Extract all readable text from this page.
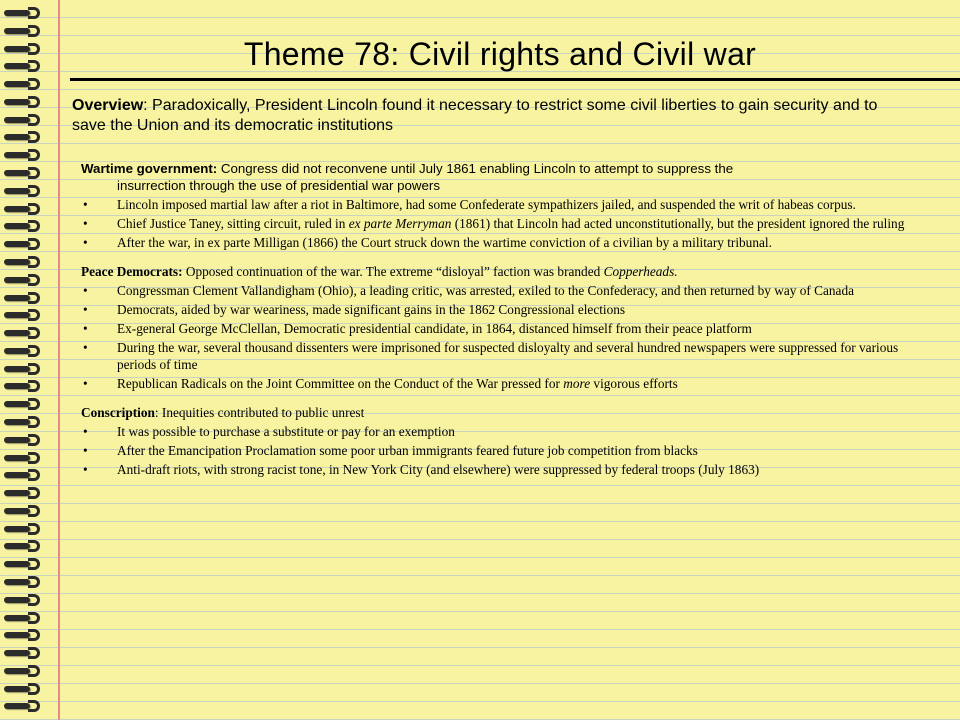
Theme 78: Civil rights and Civil war
Overview: Paradoxically, President Lincoln found it necessary to restrict some civil liberties to gain security and to save the Union and its democratic institutions

Wartime government: Congress did not reconvene until July 1861 enabling Lincoln to attempt to suppress the
insurrection through the use of presidential war powers

• Lincoln imposed martial law after a riot in Baltimore, had some Confederate sympathizers jailed, and suspended the writ of habeas corpus.
• Chief Justice Taney, sitting circuit, ruled in ex parte Merryman (1861) that Lincoln had acted unconstitutionally, but the president ignored the ruling
• After the war, in ex parte Milligan (1866) the Court struck down the wartime conviction of a civilian by a military tribunal.

Peace Democrats: Opposed continuation of the war. The extreme “disloyal” faction was branded Copperheads.

• Congressman Clement Vallandigham (Ohio), a leading critic, was arrested, exiled to the Confederacy, and then returned by way of Canada
• Democrats, aided by war weariness, made significant gains in the 1862 Congressional elections
• Ex-general George McClellan, Democratic presidential candidate, in 1864, distanced himself from their peace platform
• During the war, several thousand dissenters were imprisoned for suspected disloyalty and several hundred newspapers were suppressed for various periods of time
• Republican Radicals on the Joint Committee on the Conduct of the War pressed for more vigorous efforts

Conscription: Inequities contributed to public unrest

• It was possible to purchase a substitute or pay for an exemption
• After the Emancipation Proclamation some poor urban immigrants feared future job competition from blacks
• Anti-draft riots, with strong racist tone, in New York City (and elsewhere) were suppressed by federal troops (July 1863)
